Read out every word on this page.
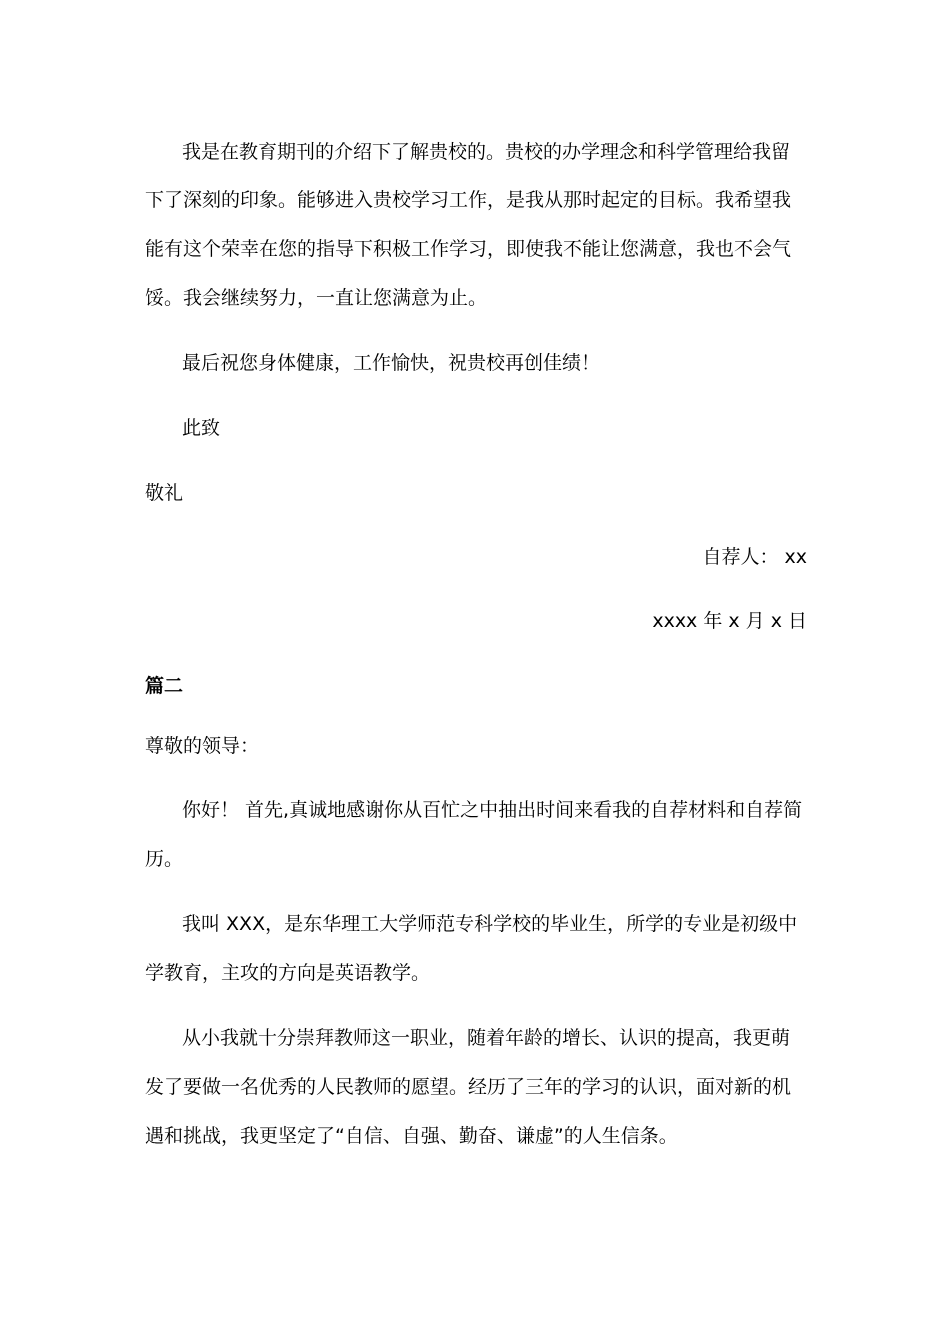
我是在教育期刊的介绍下了解贵校的。贵校的办学理念和科学管理给我留
下了深刻的印象。能够进入贵校学习工作，是我从那时起定的目标。我希望我
能有这个荣幸在您的指导下积极工作学习，即使我不能让您满意，我也不会气
馁。我会继续努力，一直让您满意为止。
最后祝您身体健康，工作愉快，祝贵校再创佳绩！
此致
敬礼
自荐人： xx
xxxx 年 x 月 x 日
篇二
尊敬的领导：
你好！ 首先,真诚地感谢你从百忙之中抽出时间来看我的自荐材料和自荐简
历。
我叫 XXX，是东华理工大学师范专科学校的毕业生，所学的专业是初级中
学教育，主攻的方向是英语教学。
从小我就十分崇拜教师这一职业，随着年龄的增长、认识的提高，我更萌
发了要做一名优秀的人民教师的愿望。经历了三年的学习的认识，面对新的机
遇和挑战，我更坚定了“自信、自强、勤奋、谦虚”的人生信条。
